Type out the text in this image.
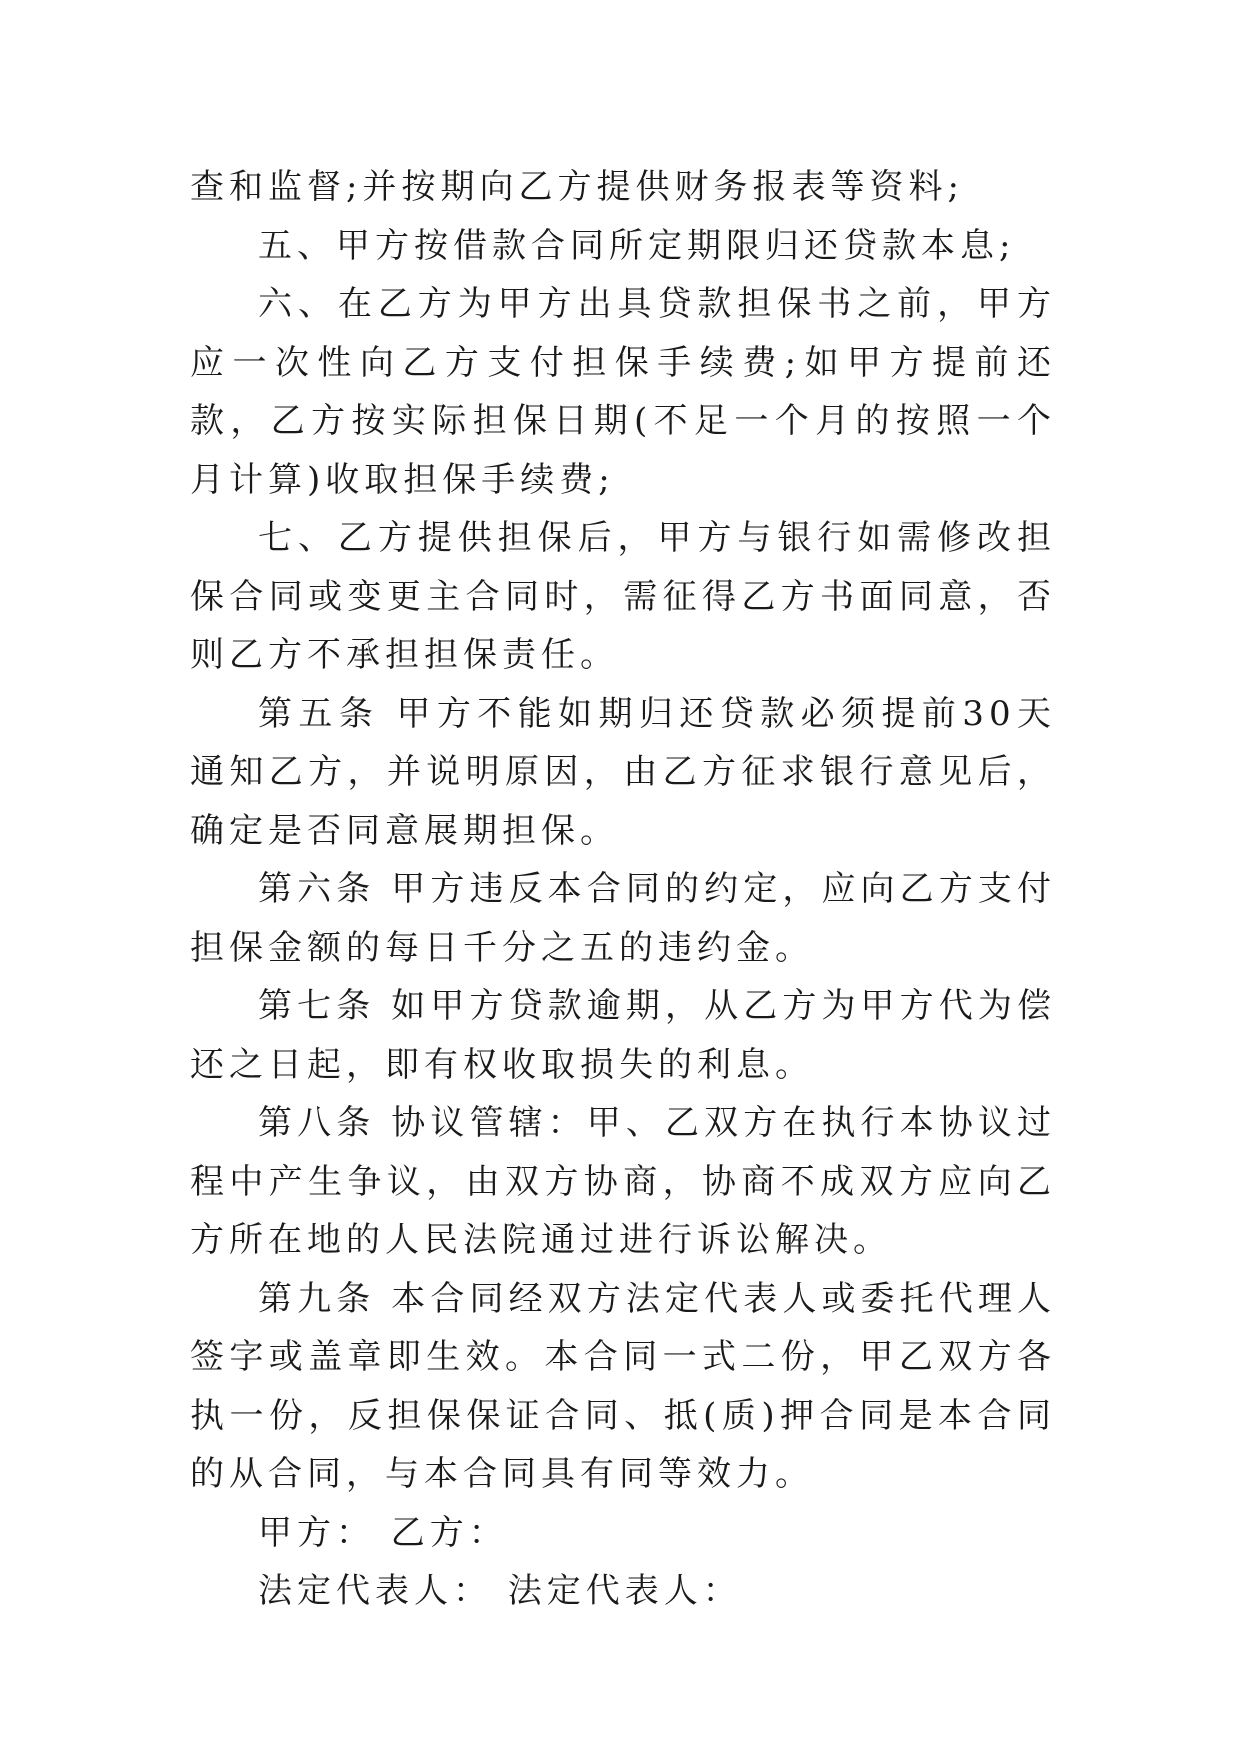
查和监督;并按期向乙方提供财务报表等资料;

五、甲方按借款合同所定期限归还贷款本息;

六、在乙方为甲方出具贷款担保书之前，甲方应一次性向乙方支付担保手续费;如甲方提前还款，乙方按实际担保日期(不足一个月的按照一个月计算)收取担保手续费;

七、乙方提供担保后，甲方与银行如需修改担保合同或变更主合同时，需征得乙方书面同意，否则乙方不承担担保责任。

第五条 甲方不能如期归还贷款必须提前30天通知乙方，并说明原因，由乙方征求银行意见后，确定是否同意展期担保。

第六条 甲方违反本合同的约定，应向乙方支付担保金额的每日千分之五的违约金。

第七条 如甲方贷款逾期，从乙方为甲方代为偿还之日起，即有权收取损失的利息。

第八条 协议管辖：甲、乙双方在执行本协议过程中产生争议，由双方协商，协商不成双方应向乙方所在地的人民法院通过进行诉讼解决。

第九条 本合同经双方法定代表人或委托代理人签字或盖章即生效。本合同一式二份，甲乙双方各执一份，反担保保证合同、抵(质)押合同是本合同的从合同，与本合同具有同等效力。

甲方： 乙方：

法定代表人： 法定代表人：
